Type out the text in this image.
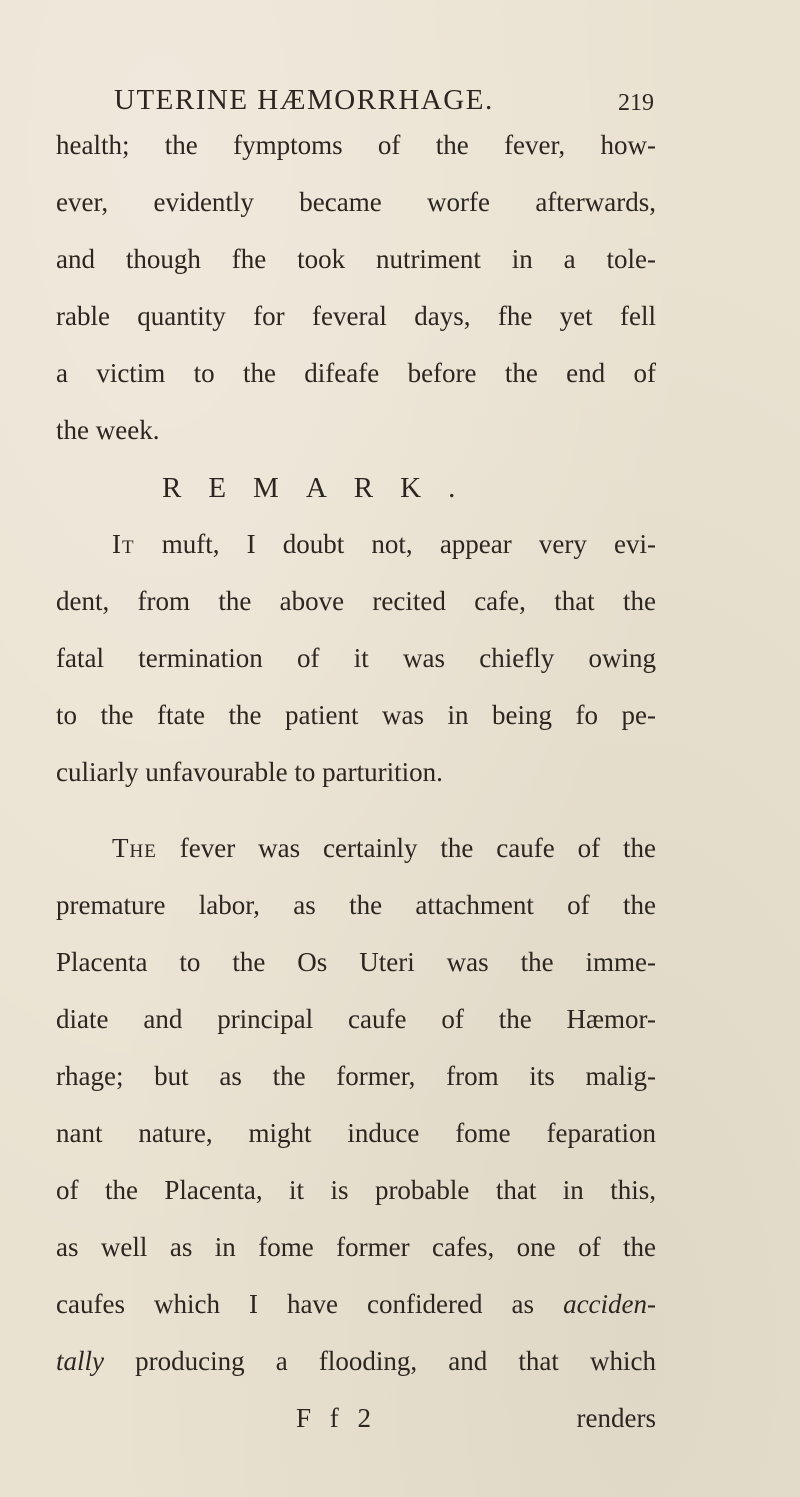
UTERINE HÆMORRHAGE.	219
health; the fymptoms of the fever, how-
ever, evidently became worfe afterwards,
and though fhe took nutriment in a tole-
rable quantity for feveral days, fhe yet fell
a victim to the difeafe before the end of
the week.
REMARK.
It muft, I doubt not, appear very evi-
dent, from the above recited cafe, that the
fatal termination of it was chiefly owing
to the ftate the patient was in being fo pe-
culiarly unfavourable to parturition.
The fever was certainly the caufe of the
premature labor, as the attachment of the
Placenta to the Os Uteri was the imme-
diate and principal caufe of the Hæmor-
rhage; but as the former, from its malig-
nant nature, might induce fome feparation
of the Placenta, it is probable that in this,
as well as in fome former cafes, one of the
caufes which I have confidered as acciden-
tally producing a flooding, and that which
F f 2	renders
